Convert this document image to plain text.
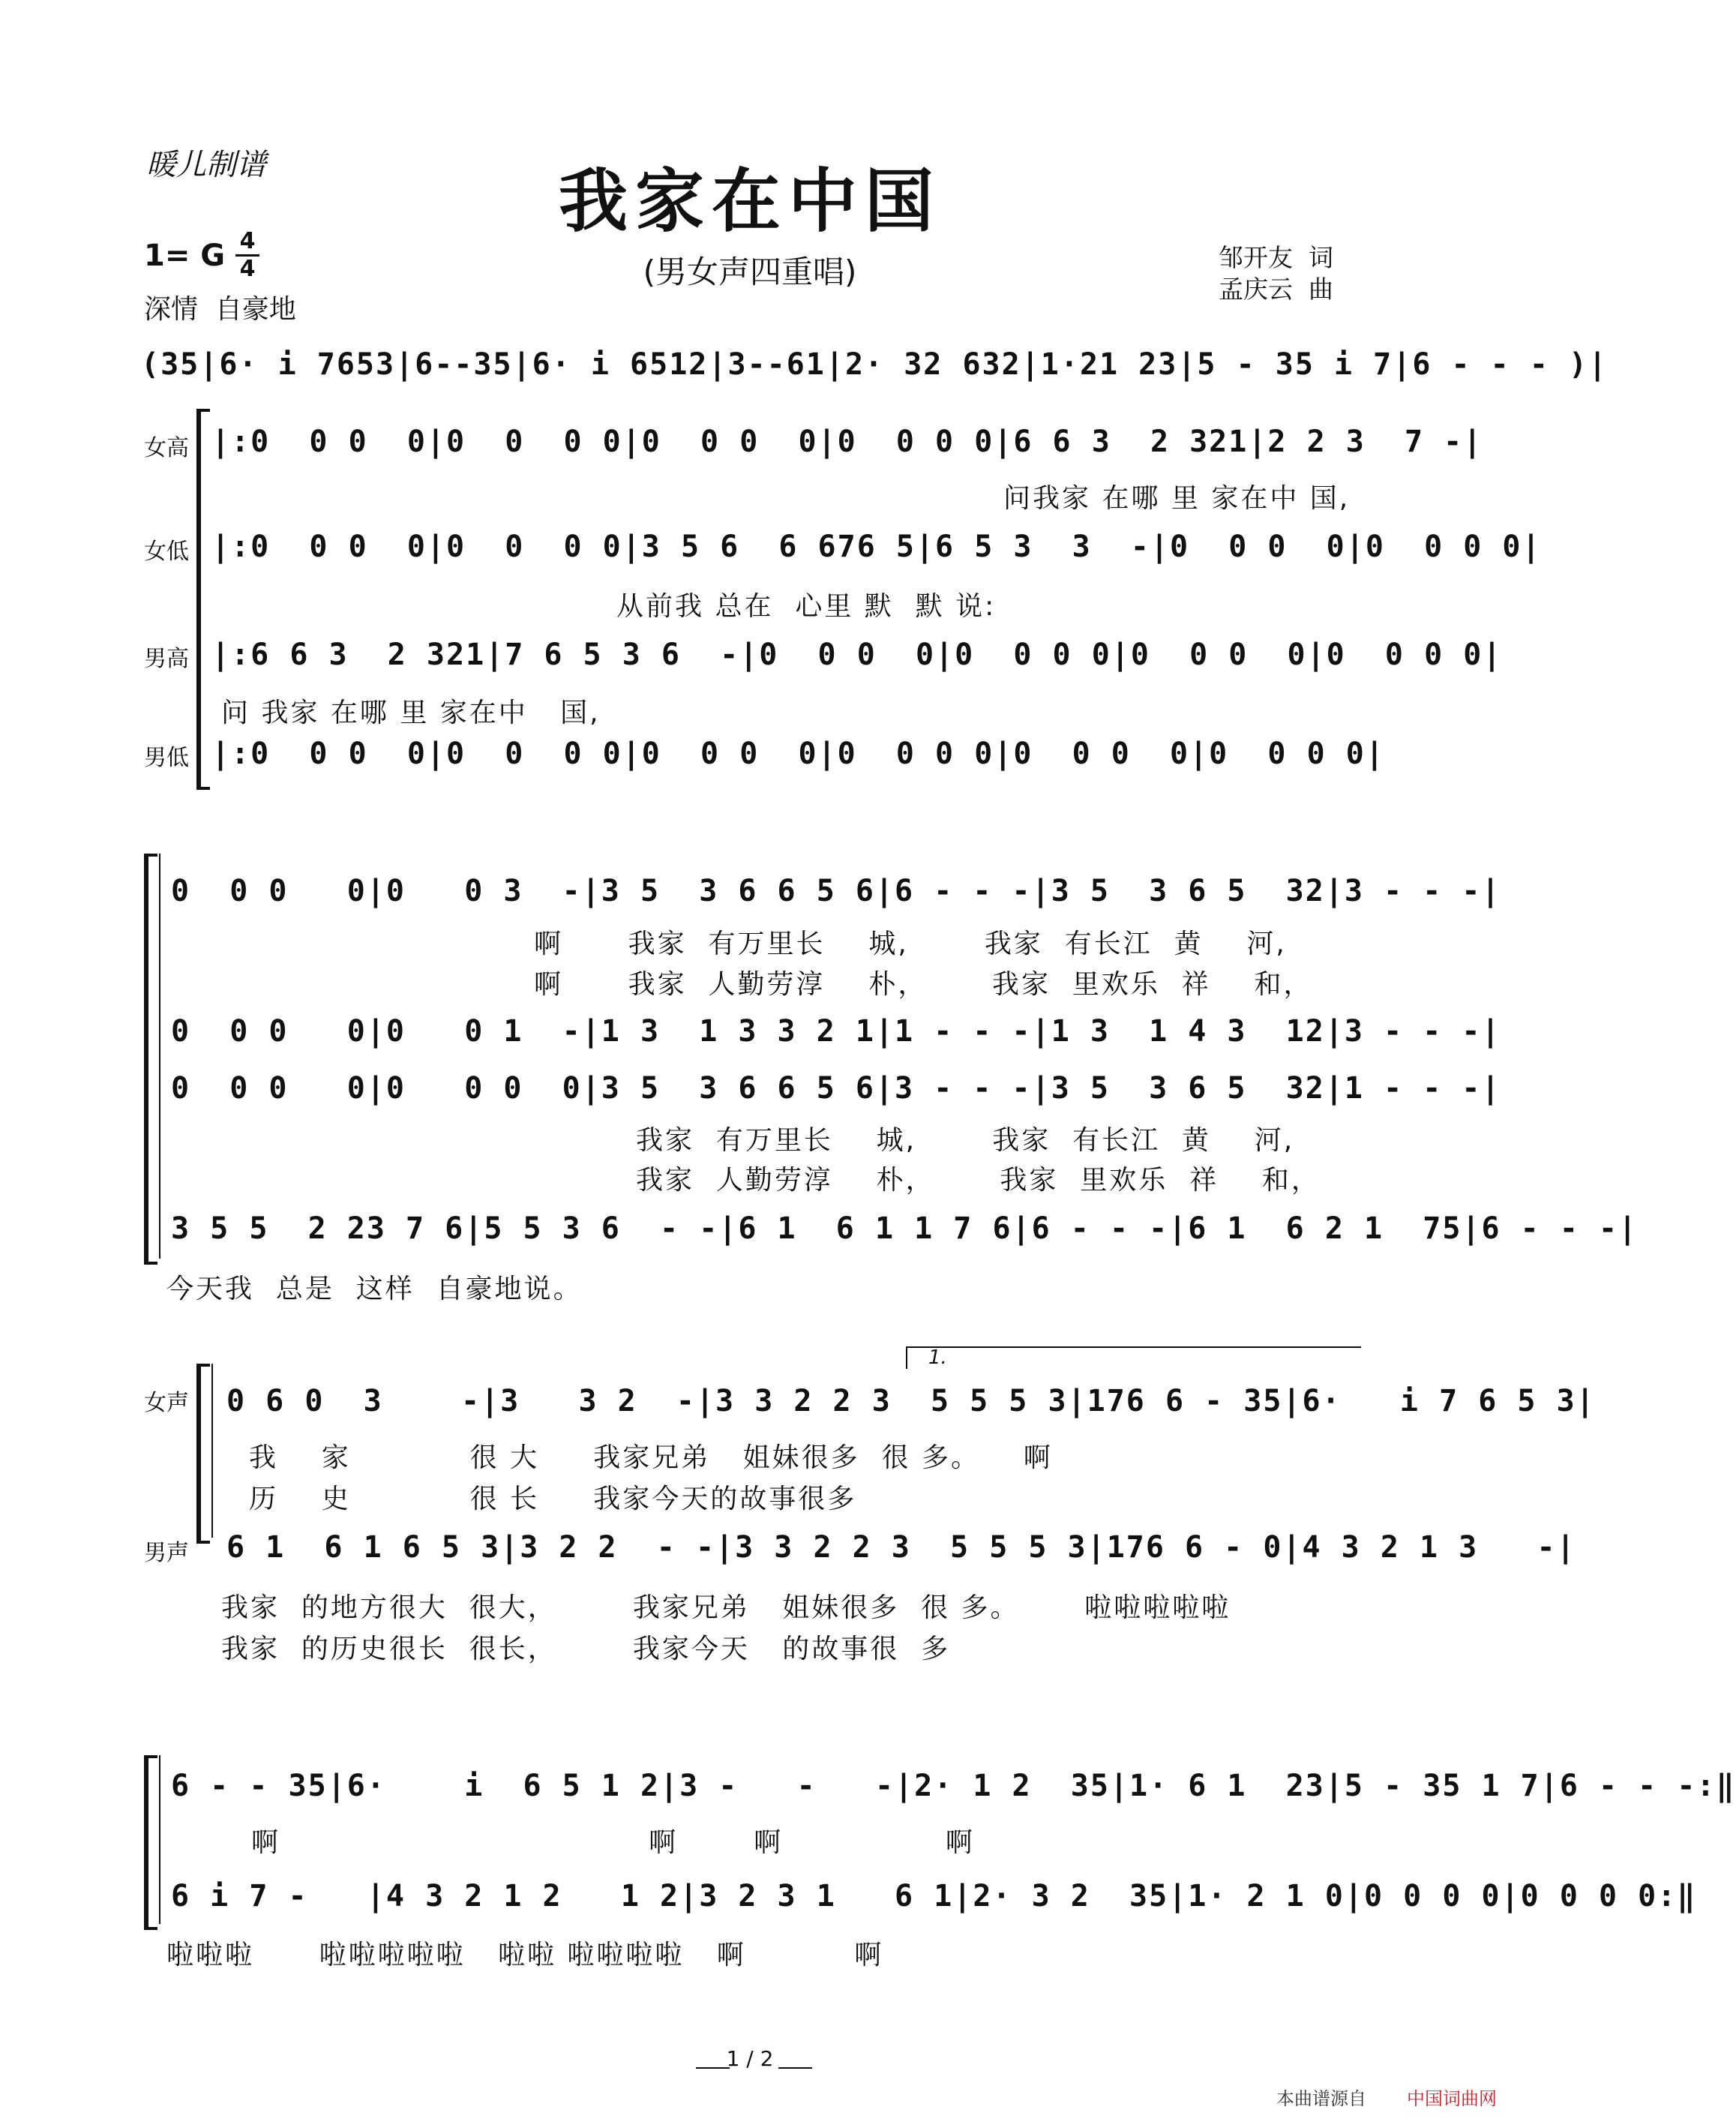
暖儿制谱	我家在中国
(男女声四重唱)	邹开友  词
孟庆云  曲
1= G 4
4
深情  自豪地
(35|6· i 7653|6--35|6· i 6512|3--61|2· 32 632|1·21 23|5 - 35 i 7|6 - - - )|
女高
女低
男高
男低
|:0  0 0  0|0  0  0 0|0  0 0  0|0  0 0 0|6 6 3  2 321|2 2 3  7 -|
问我家 在哪 里 家在中 国,
|:0  0 0  0|0  0  0 0|3 5 6  6 676 5|6 5 3  3  -|0  0 0  0|0  0 0 0|
从前我 总在  心里 默  默 说:
|:6 6 3  2 321|7 6 5 3 6  -|0  0 0  0|0  0 0 0|0  0 0  0|0  0 0 0|
问 我家 在哪 里 家在中   国,
|:0  0 0  0|0  0  0 0|0  0 0  0|0  0 0 0|0  0 0  0|0  0 0 0|
0  0 0   0|0   0 3  -|3 5  3 6 6 5 6|6 - - -|3 5  3 6 5  32|3 - - -|
啊      我家  有万里长    城,       我家  有长江  黄    河,
啊      我家  人勤劳淳    朴，      我家  里欢乐  祥    和，
0  0 0   0|0   0 1  -|1 3  1 3 3 2 1|1 - - -|1 3  1 4 3  12|3 - - -|
0  0 0   0|0   0 0  0|3 5  3 6 6 5 6|3 - - -|3 5  3 6 5  32|1 - - -|
我家  有万里长    城,       我家  有长江  黄    河,
我家  人勤劳淳    朴，      我家  里欢乐  祥    和，
3 5 5  2 23 7 6|5 5 3 6  - -|6 1  6 1 1 7 6|6 - - -|6 1  6 2 1  75|6 - - -|
今天我  总是  这样  自豪地说。
女声
男声
1.
0 6 0  3    -|3   3 2  -|3 3 2 2 3  5 5 5 3|176 6 - 35|6·   i 7 6 5 3|
我    家           很 大     我家兄弟   姐妹很多  很 多。    啊
历    史           很 长     我家今天的故事很多
6 1  6 1 6 5 3|3 2 2  - -|3 3 2 2 3  5 5 5 3|176 6 - 0|4 3 2 1 3   -|
我家  的地方很大  很大，       我家兄弟   姐妹很多  很 多。      啦啦啦啦啦
我家  的历史很长  很长，       我家今天   的故事很  多
6 - - 35|6·    i  6 5 1 2|3 -   -   -|2· 1 2  35|1· 6 1  23|5 - 35 1 7|6 - - -:‖
啊                                  啊       啊               啊
6 i 7 -   |4 3 2 1 2   1 2|3 2 3 1   6 1|2· 3 2  35|1· 2 1 0|0 0 0 0|0 0 0 0:‖
啦啦啦      啦啦啦啦啦   啦啦 啦啦啦啦   啊          啊
1 / 2
本曲谱源自 中国词曲网
